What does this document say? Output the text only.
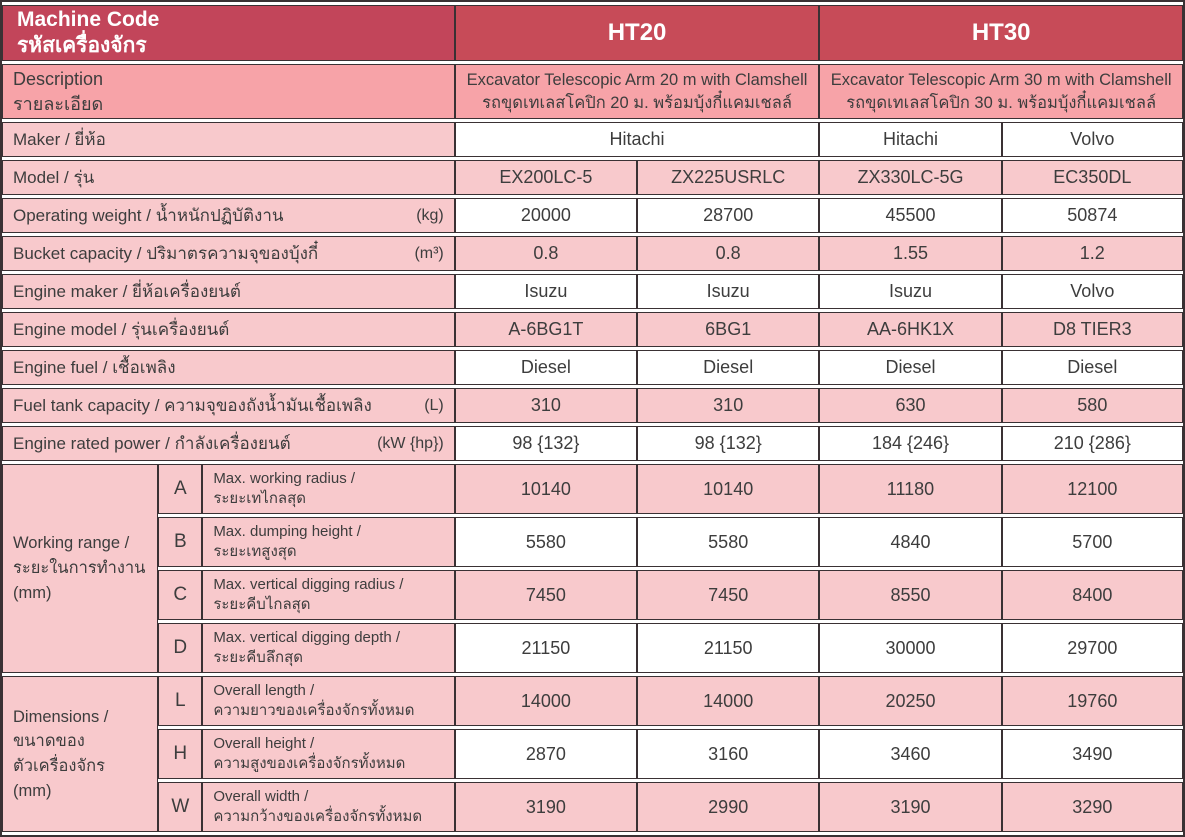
Machine Code
รหัสเครื่องจักร			HT20		HT30	

Description
รายละเอียด

Excavator Telescopic Arm 20 m with Clamshell
รถขุดเทเลสโคปิก 20 ม. พร้อมบุ้งกี๋แคมเชลล์

Excavator Telescopic Arm 30 m with Clamshell
รถขุดเทเลสโคปิก 30 ม. พร้อมบุ้งกี๋แคมเชลล์

Maker / ยี่ห้อ			Hitachi		Hitachi	Volvo

Model / รุ่น			EX200LC-5	ZX225USRLC	ZX330LC-5G	EC350DL

Operating weight / น้ำหนักปฏิบัติงาน (kg)			20000	28700	45500	50874

Bucket capacity / ปริมาตรความจุของบุ้งกี๋ (m³)			0.8	0.8	1.55	1.2

Engine maker / ยี่ห้อเครื่องยนต์			Isuzu	Isuzu	Isuzu	Volvo

Engine model / รุ่นเครื่องยนต์			A-6BG1T	6BG1	AA-6HK1X	D8 TIER3

Engine fuel / เชื้อเพลิง			Diesel	Diesel	Diesel	Diesel

Fuel tank capacity / ความจุของถังน้ำมันเชื้อเพลิง (L)			310	310	630	580

Engine rated power / กำลังเครื่องยนต์ (kW {hp})			98 {132}	98 {132}	184 {246}	210 {286}

Working range /
ระยะในการทำงาน
(mm)
	A	Max. working radius /
ระยะเทไกลสุด	10140	10140	11180	12100
	B	Max. dumping height /
ระยะเทสูงสุด	5580	5580	4840	5700
	C	Max. vertical digging radius /
ระยะคีบไกลสุด	7450	7450	8550	8400
	D	Max. vertical digging depth /
ระยะคีบลึกสุด	21150	21150	30000	29700

Dimensions /
ขนาดของ
ตัวเครื่องจักร
(mm)
	L	Overall length /
ความยาวของเครื่องจักรทั้งหมด	14000	14000	20250	19760
	H	Overall height /
ความสูงของเครื่องจักรทั้งหมด	2870	3160	3460	3490
	W	Overall width /
ความกว้างของเครื่องจักรทั้งหมด	3190	2990	3190	3290
